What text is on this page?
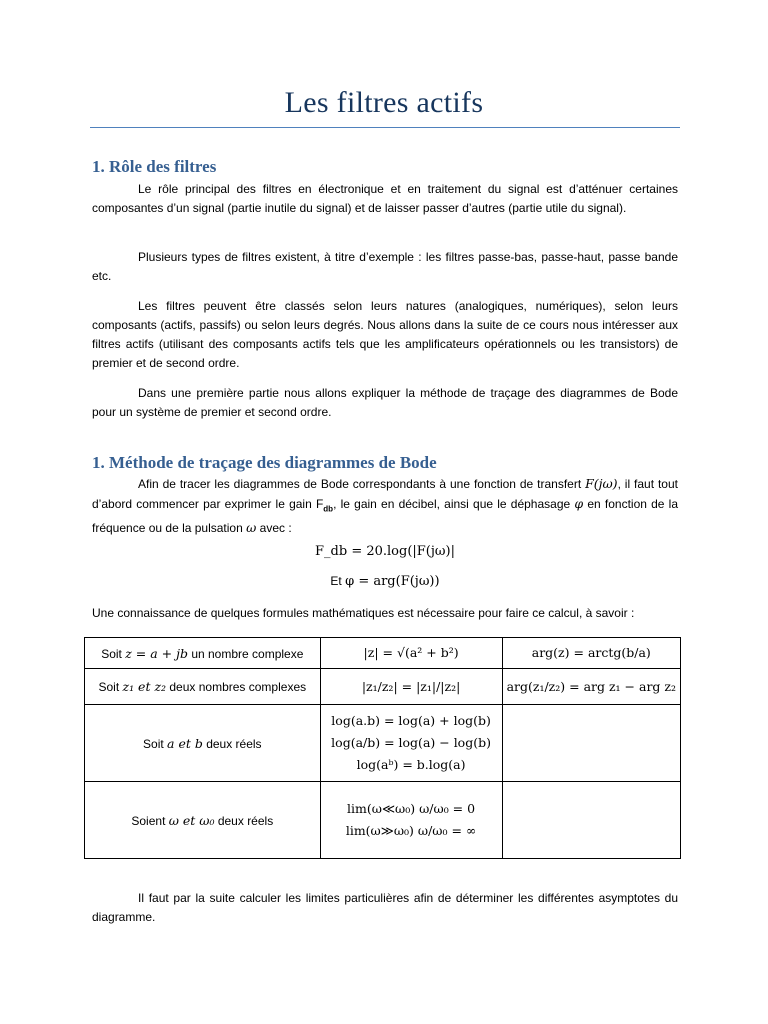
Les filtres actifs
1. Rôle des filtres
Le rôle principal des filtres en électronique et en traitement du signal est d’atténuer certaines composantes d’un signal (partie inutile du signal) et de laisser passer d’autres (partie utile du signal).
Plusieurs types de filtres existent, à titre d’exemple : les filtres passe-bas, passe-haut, passe bande etc.
Les filtres peuvent être classés selon leurs natures (analogiques, numériques), selon leurs composants (actifs, passifs) ou selon leurs degrés. Nous allons dans la suite de ce cours nous intéresser aux filtres actifs (utilisant des composants actifs tels que les amplificateurs opérationnels ou les transistors) de premier et de second ordre.
Dans une première partie nous allons expliquer la méthode de traçage des diagrammes de Bode pour un système de premier et second ordre.
1. Méthode de traçage des diagrammes de Bode
Afin de tracer les diagrammes de Bode correspondants à une fonction de transfert F(jω), il faut tout d’abord commencer par exprimer le gain $F_{db}$, le gain en décibel, ainsi que le déphasage φ en fonction de la fréquence ou de la pulsation ω avec :
F_db = 20.log(|F(jω)|
Et φ = arg(F(jω))
Une connaissance de quelques formules mathématiques est nécessaire pour faire ce calcul, à savoir :
Soit z = a + jb un nombre complexe	|z| = √(a² + b²)	arg(z) = arctg(b/a)

Soit z₁ et z₂ deux nombres complexes	|z₁/z₂| = |z₁|/|z₂|	arg(z₁/z₂) = arg z₁ − arg z₂

Soit a et b deux réels	log(a.b) = log(a) + log(b)
log(a/b) = log(a) − log(b)
log(aᵇ) = b.log(a)	

Soient ω et ω₀ deux réels	lim(ω≪ω₀) ω/ω₀ = 0
lim(ω≫ω₀) ω/ω₀ = ∞	

Il faut par la suite calculer les limites particulières afin de déterminer les différentes asymptotes du diagramme.
